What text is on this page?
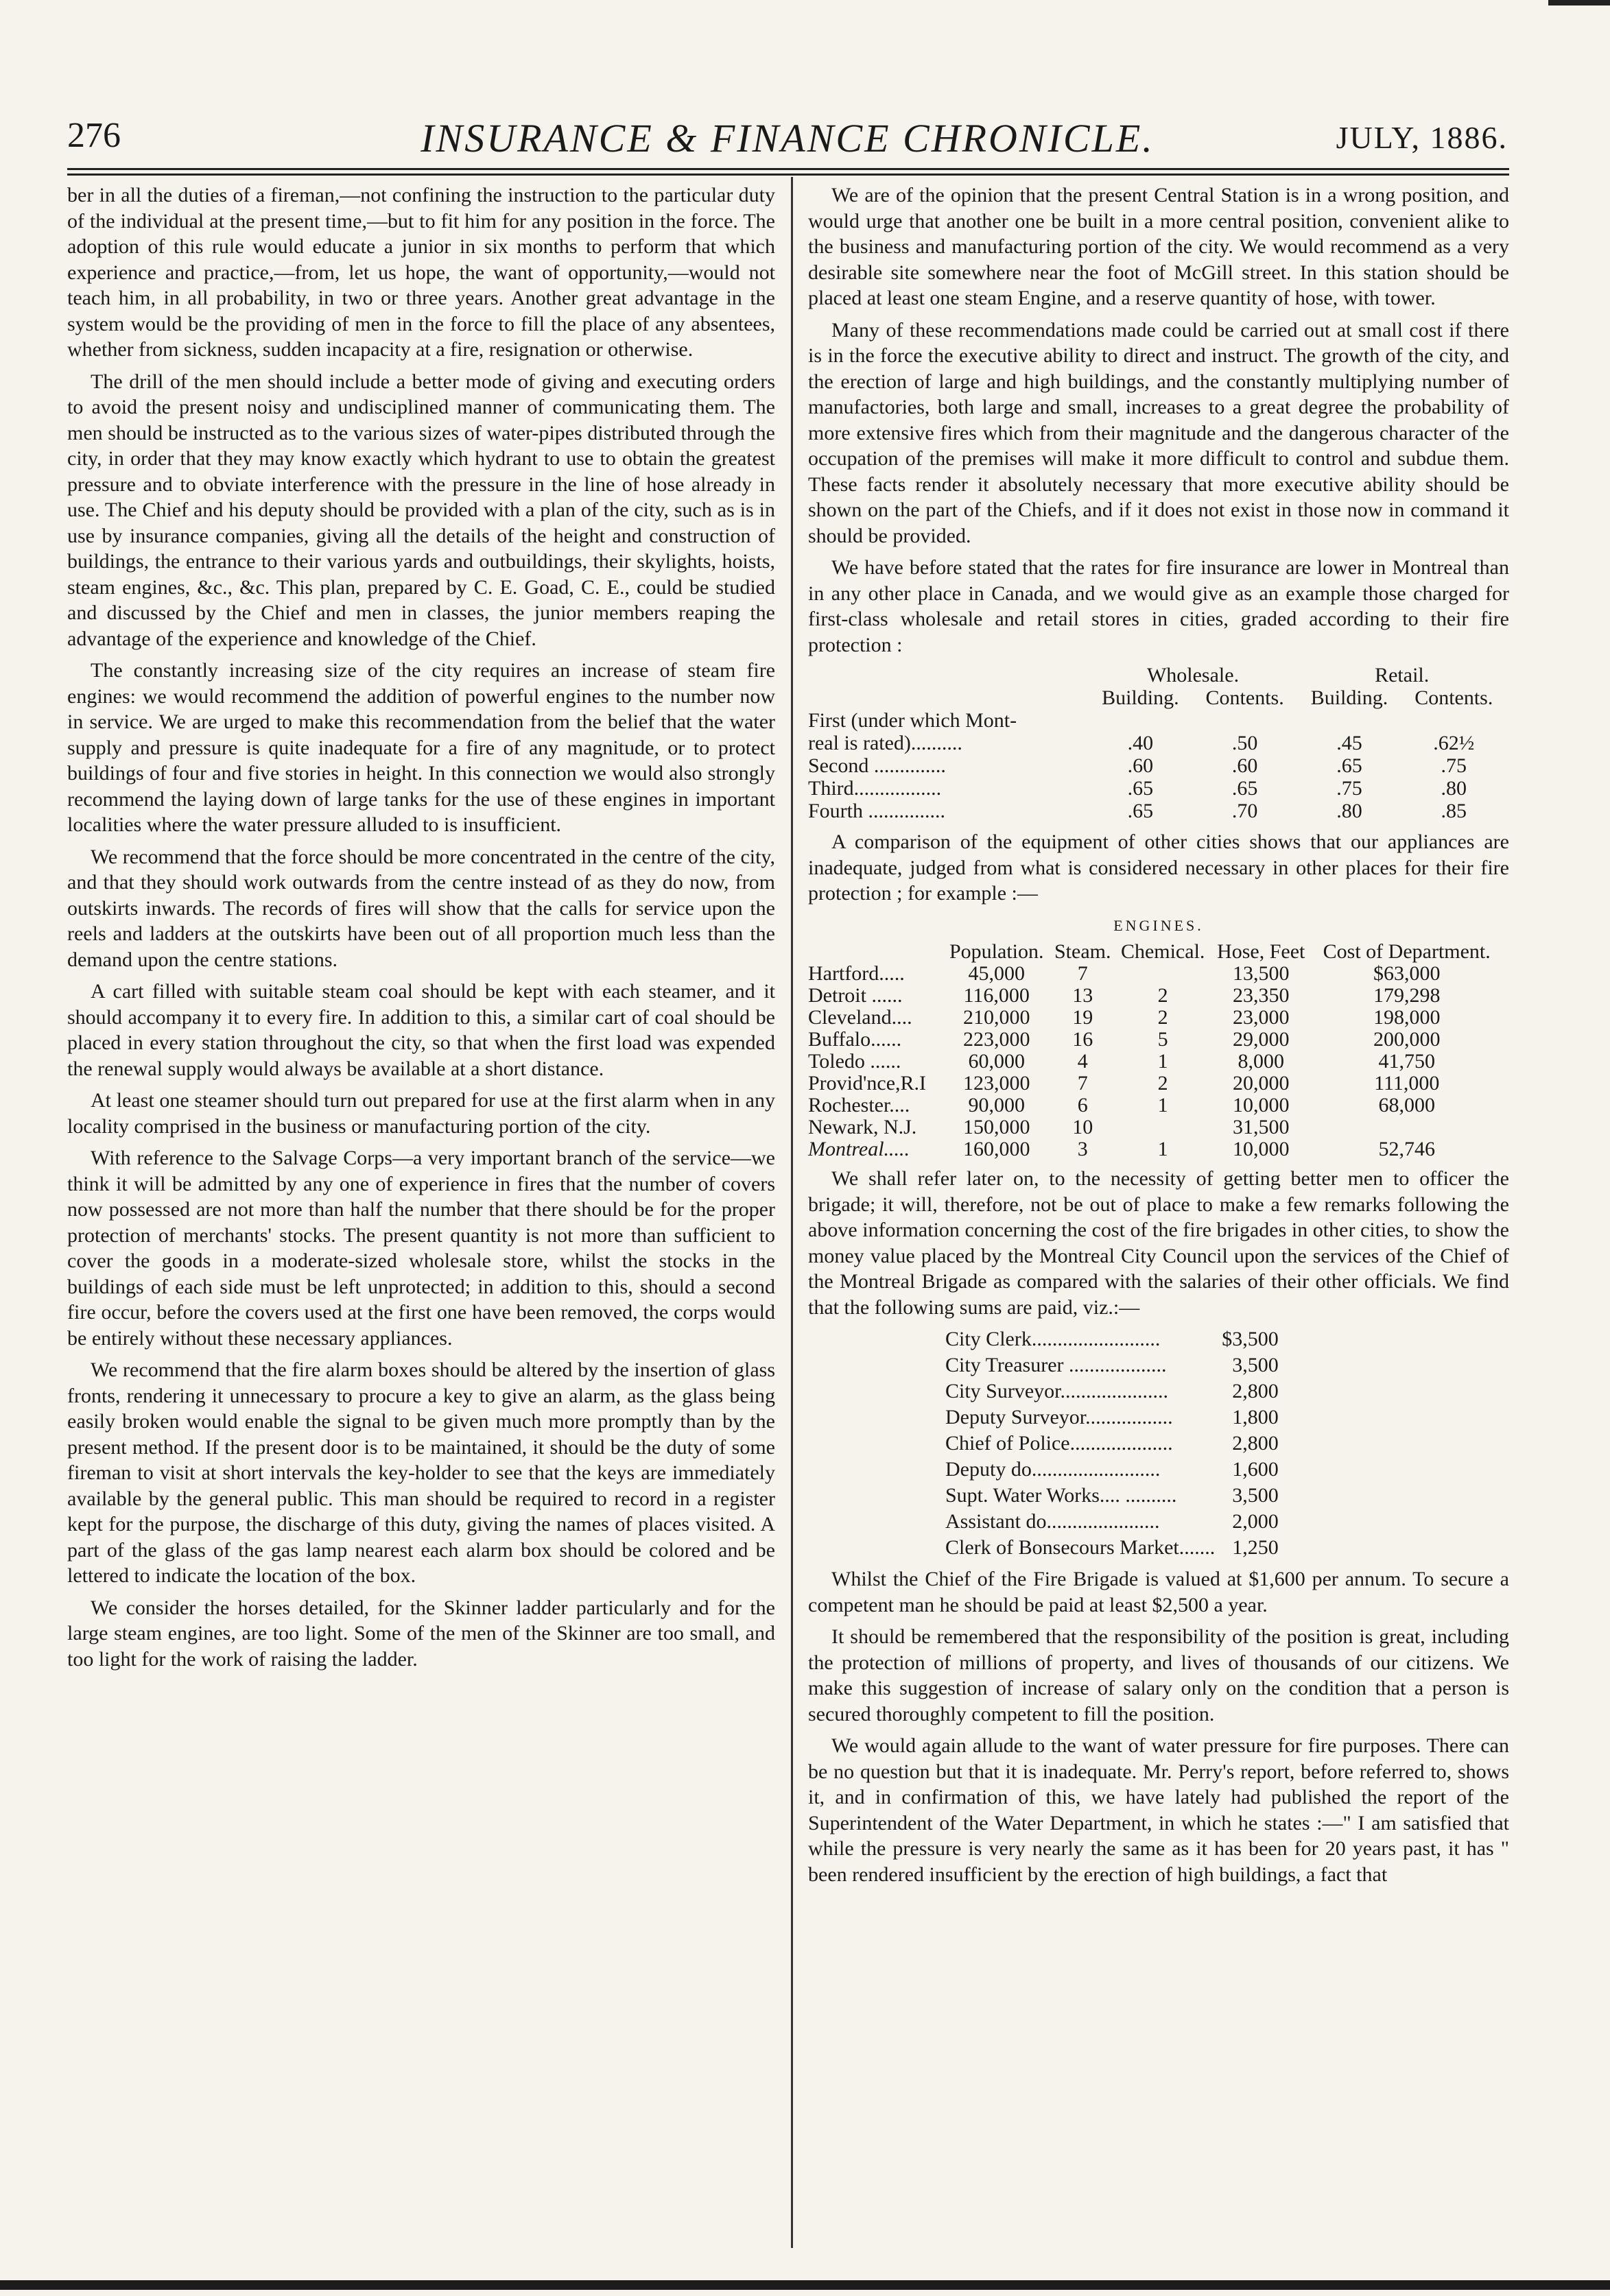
276	INSURANCE & FINANCE CHRONICLE.	JULY, 1886.

ber in all the duties of a fireman,—not confining the instruction to the particular duty of the individual at the present time,—but to fit him for any position in the force. The adoption of this rule would educate a junior in six months to perform that which experience and practice,—from, let us hope, the want of opportunity,—would not teach him, in all probability, in two or three years. Another great advantage in the system would be the providing of men in the force to fill the place of any absentees, whether from sickness, sudden incapacity at a fire, resignation or otherwise.

The drill of the men should include a better mode of giving and executing orders to avoid the present noisy and undisciplined manner of communicating them. The men should be instructed as to the various sizes of water-pipes distributed through the city, in order that they may know exactly which hydrant to use to obtain the greatest pressure and to obviate interference with the pressure in the line of hose already in use. The Chief and his deputy should be provided with a plan of the city, such as is in use by insurance companies, giving all the details of the height and construction of buildings, the entrance to their various yards and outbuildings, their skylights, hoists, steam engines, &c., &c. This plan, prepared by C. E. Goad, C. E., could be studied and discussed by the Chief and men in classes, the junior members reaping the advantage of the experience and knowledge of the Chief.

The constantly increasing size of the city requires an increase of steam fire engines: we would recommend the addition of powerful engines to the number now in service. We are urged to make this recommendation from the belief that the water supply and pressure is quite inadequate for a fire of any magnitude, or to protect buildings of four and five stories in height. In this connection we would also strongly recommend the laying down of large tanks for the use of these engines in important localities where the water pressure alluded to is insufficient.

We recommend that the force should be more concentrated in the centre of the city, and that they should work outwards from the centre instead of as they do now, from outskirts inwards. The records of fires will show that the calls for service upon the reels and ladders at the outskirts have been out of all proportion much less than the demand upon the centre stations.

A cart filled with suitable steam coal should be kept with each steamer, and it should accompany it to every fire. In addition to this, a similar cart of coal should be placed in every station throughout the city, so that when the first load was expended the renewal supply would always be available at a short distance.

At least one steamer should turn out prepared for use at the first alarm when in any locality comprised in the business or manufacturing portion of the city.

With reference to the Salvage Corps—a very important branch of the service—we think it will be admitted by any one of experience in fires that the number of covers now possessed are not more than half the number that there should be for the proper protection of merchants' stocks. The present quantity is not more than sufficient to cover the goods in a moderate-sized wholesale store, whilst the stocks in the buildings of each side must be left unprotected; in addition to this, should a second fire occur, before the covers used at the first one have been removed, the corps would be entirely without these necessary appliances.

We recommend that the fire alarm boxes should be altered by the insertion of glass fronts, rendering it unnecessary to procure a key to give an alarm, as the glass being easily broken would enable the signal to be given much more promptly than by the present method. If the present door is to be maintained, it should be the duty of some fireman to visit at short intervals the key-holder to see that the keys are immediately available by the general public. This man should be required to record in a register kept for the purpose, the discharge of this duty, giving the names of places visited. A part of the glass of the gas lamp nearest each alarm box should be colored and be lettered to indicate the location of the box.

We consider the horses detailed, for the Skinner ladder particularly and for the large steam engines, are too light. Some of the men of the Skinner are too small, and too light for the work of raising the ladder.

We are of the opinion that the present Central Station is in a wrong position, and would urge that another one be built in a more central position, convenient alike to the business and manufacturing portion of the city. We would recommend as a very desirable site somewhere near the foot of McGill street. In this station should be placed at least one steam Engine, and a reserve quantity of hose, with tower.

Many of these recommendations made could be carried out at small cost if there is in the force the executive ability to direct and instruct. The growth of the city, and the erection of large and high buildings, and the constantly multiplying number of manufactories, both large and small, increases to a great degree the probability of more extensive fires which from their magnitude and the dangerous character of the occupation of the premises will make it more difficult to control and subdue them. These facts render it absolutely necessary that more executive ability should be shown on the part of the Chiefs, and if it does not exist in those now in command it should be provided.

We have before stated that the rates for fire insurance are lower in Montreal than in any other place in Canada, and we would give as an example those charged for first-class wholesale and retail stores in cities, graded according to their fire protection :

	Wholesale.		Retail.	
	Building.	Contents.	Building.	Contents.
First (under which Mont-				
real is rated)..........	.40	.50	.45	.62½
Second ..............	.60	.60	.65	.75
Third.................	.65	.65	.75	.80
Fourth ...............	.65	.70	.80	.85

A comparison of the equipment of other cities shows that our appliances are inadequate, judged from what is considered necessary in other places for their fire protection ; for example :—

ENGINES.
	Population.	Steam.	Chemical.	Hose, Feet	Cost of Department.
Hartford.....	45,000	7		13,500	$63,000
Detroit ......	116,000	13	2	23,350	179,298
Cleveland....	210,000	19	2	23,000	198,000
Buffalo......	223,000	16	5	29,000	200,000
Toledo ......	60,000	4	1	8,000	41,750
Provid'nce,R.I	123,000	7	2	20,000	111,000
Rochester....	90,000	6	1	10,000	68,000
Newark, N.J.	150,000	10		31,500	
Montreal.....	160,000	3	1	10,000	52,746

We shall refer later on, to the necessity of getting better men to officer the brigade; it will, therefore, not be out of place to make a few remarks following the above information concerning the cost of the fire brigades in other cities, to show the money value placed by the Montreal City Council upon the services of the Chief of the Montreal Brigade as compared with the salaries of their other officials. We find that the following sums are paid, viz.:—

City Clerk.........................	$3,500
City Treasurer ...................	3,500
City Surveyor.....................	2,800
Deputy Surveyor.................	1,800
Chief of Police....................	2,800
Deputy do.........................	1,600
Supt. Water Works.... ..........	3,500
Assistant do......................	2,000
Clerk of Bonsecours Market.......	1,250

Whilst the Chief of the Fire Brigade is valued at $1,600 per annum. To secure a competent man he should be paid at least $2,500 a year.

It should be remembered that the responsibility of the position is great, including the protection of millions of property, and lives of thousands of our citizens. We make this suggestion of increase of salary only on the condition that a person is secured thoroughly competent to fill the position.

We would again allude to the want of water pressure for fire purposes. There can be no question but that it is inadequate. Mr. Perry's report, before referred to, shows it, and in confirmation of this, we have lately had published the report of the Superintendent of the Water Department, in which he states :—" I am satisfied that while the pressure is very nearly the same as it has been for 20 years past, it has " been rendered insufficient by the erection of high buildings, a fact that
